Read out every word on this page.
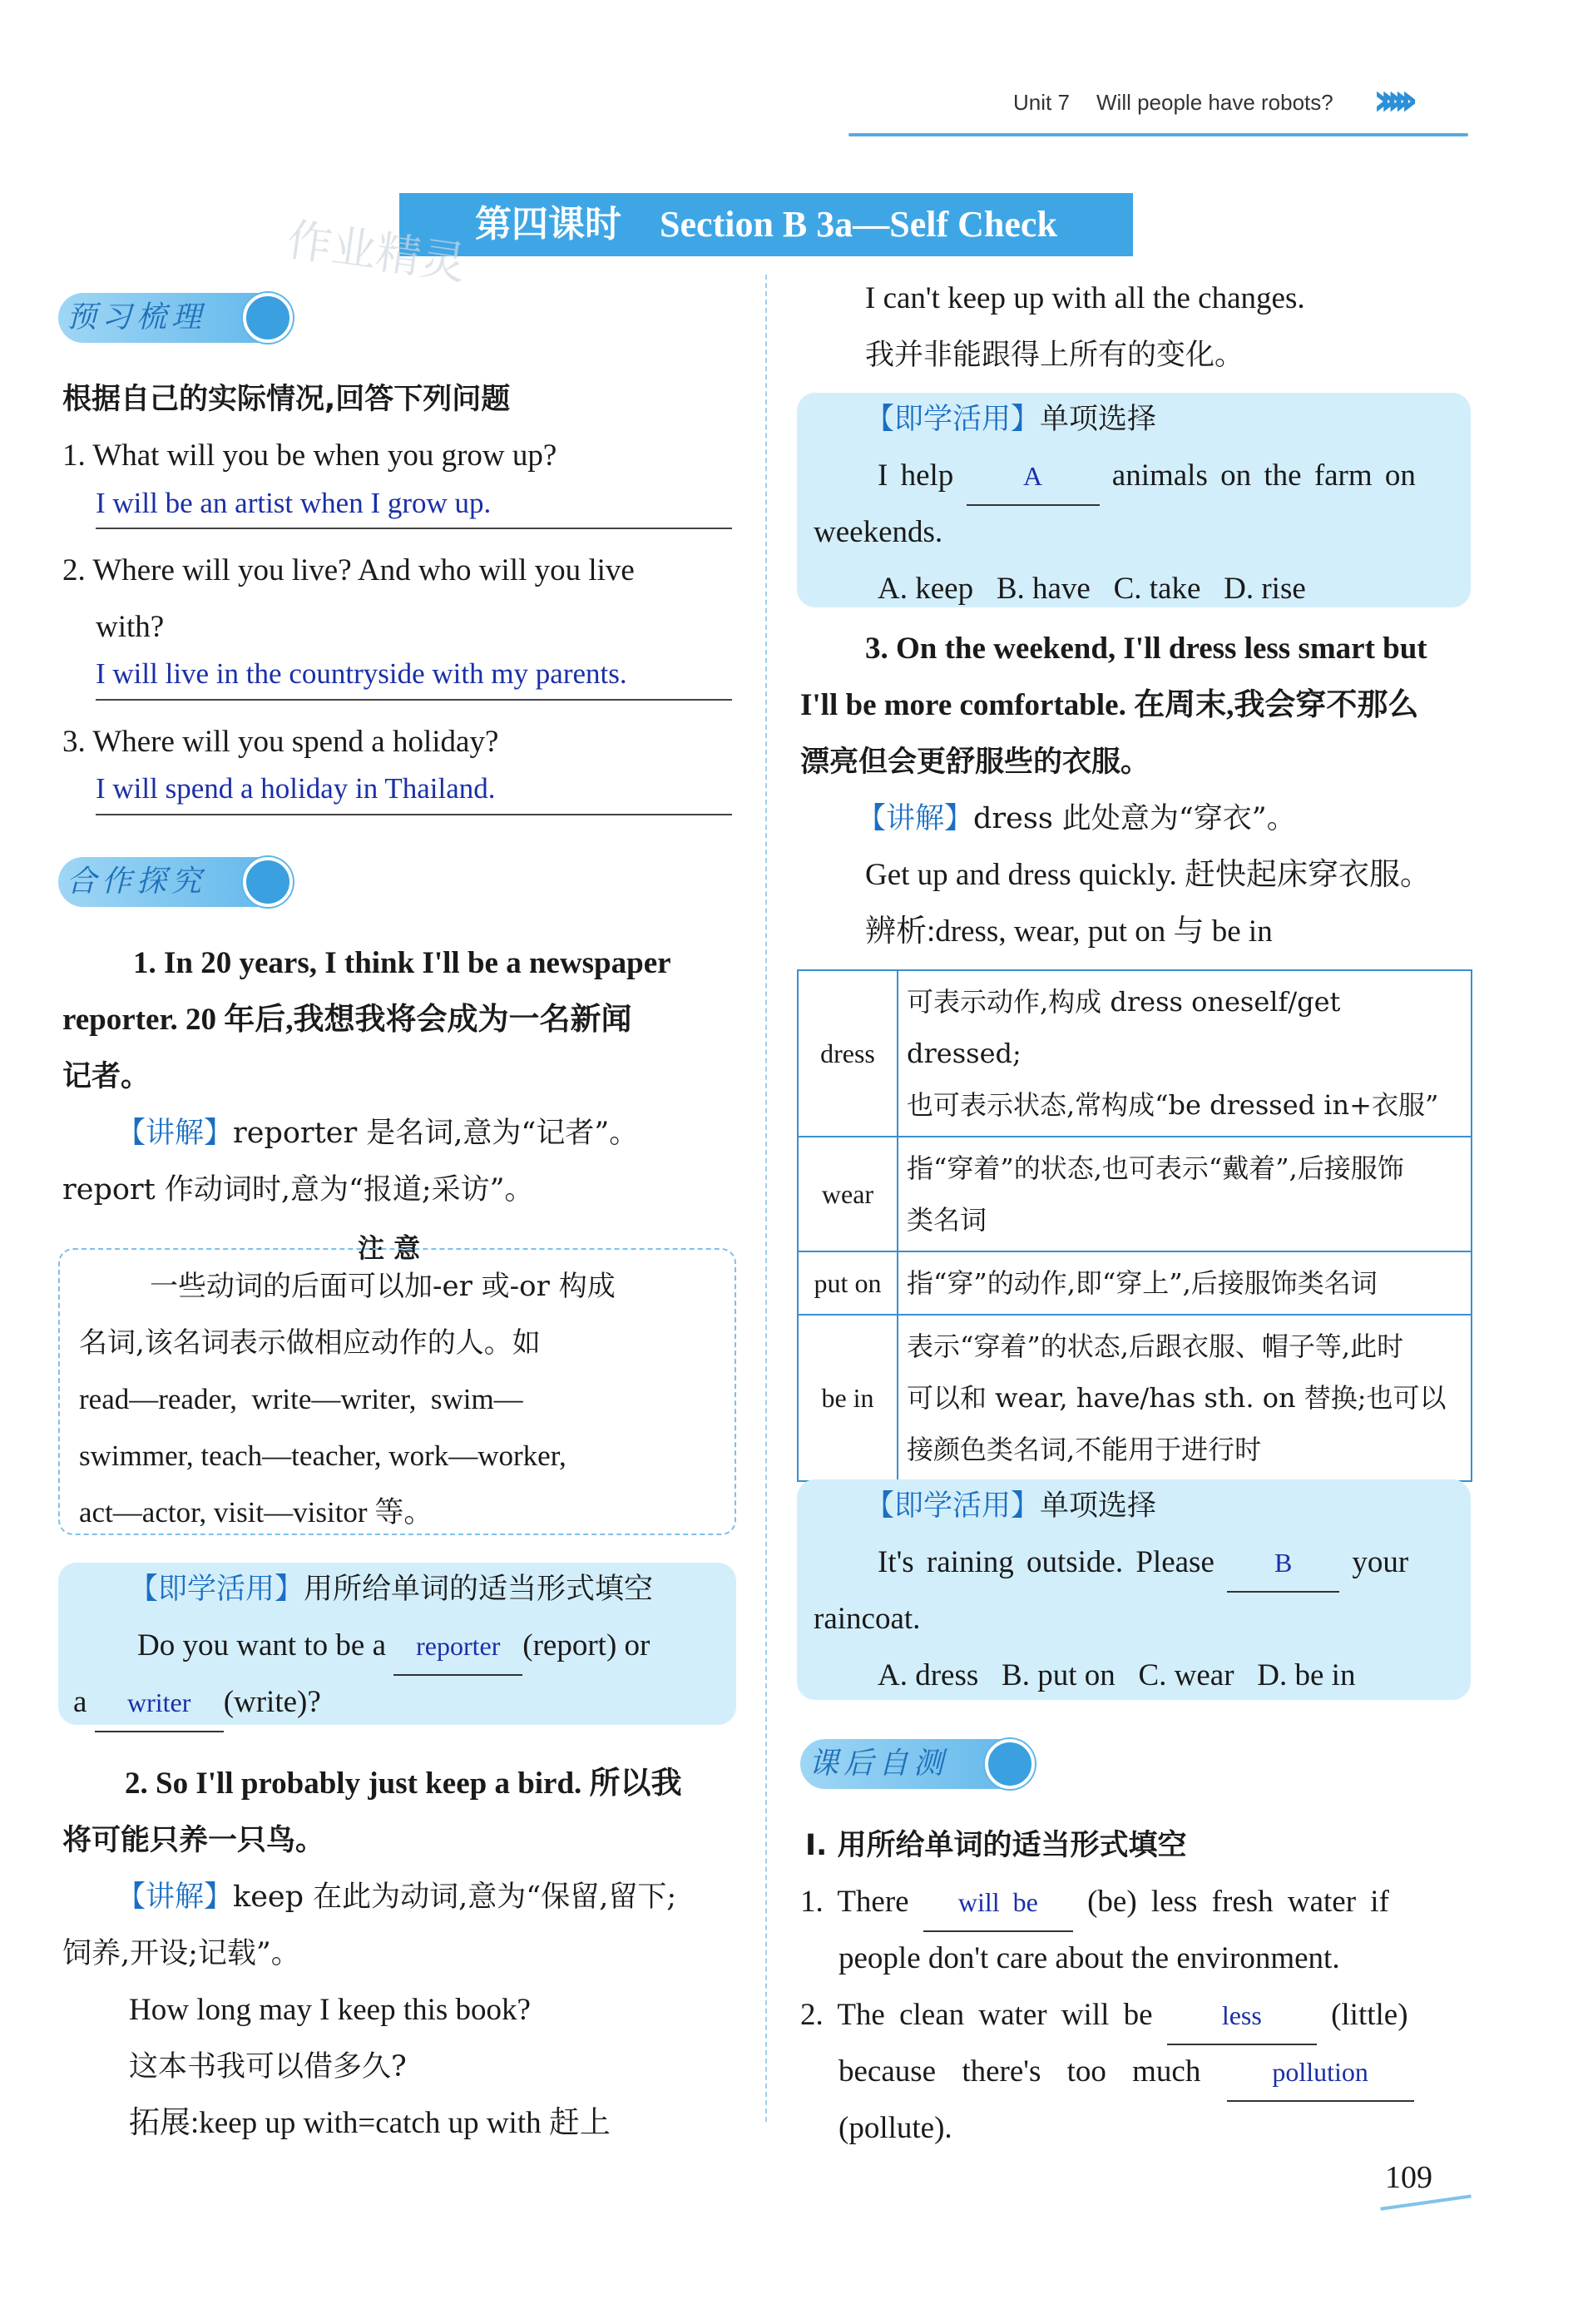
Unit 7 Will people have robots? ›››››
第四课时 Section B 3a—Self Check
作业精灵
预习梳理
根据自己的实际情况,回答下列问题
1. What will you be when you grow up?
I will be an artist when I grow up.
2. Where will you live? And who will you live
with?
I will live in the countryside with my parents.
3. Where will you spend a holiday?
I will spend a holiday in Thailand.
合作探究
1. In 20 years, I think I'll be a newspaper
reporter. 20 年后,我想我将会成为一名新闻
记者。
【讲解】reporter 是名词,意为“记者”。
report 作动词时,意为“报道;采访”。
注 意
一些动词的后面可以加-er 或-or 构成
名词,该名词表示做相应动作的人。如
read—reader,  write—writer,  swim—
swimmer, teach—teacher, work—worker,
act—actor, visit—visitor 等。
【即学活用】用所给单词的适当形式填空
Do you want to be a reporter (report) or
a writer (write)?
2. So I'll probably just keep a bird. 所以我
将可能只养一只鸟。
【讲解】keep 在此为动词,意为“保留,留下;
饲养,开设;记载”。
How long may I keep this book?
这本书我可以借多久?
拓展:keep up with=catch up with 赶上
I can't keep up with all the changes.
我并非能跟得上所有的变化。
【即学活用】单项选择
I help	A animals on the farm on
weekends.
A. keep   B. have   C. take   D. rise
3. On the weekend, I'll dress less smart but
I'll be more comfortable. 在周末,我会穿不那么
漂亮但会更舒服些的衣服。
【讲解】dress 此处意为“穿衣”。
Get up and dress quickly. 赶快起床穿衣服。
辨析:dress, wear, put on 与 be in
dress	可表示动作,构成 dress oneself/get dressed;
也可表示状态,常构成“be dressed in+衣服”

wear	指“穿着”的状态,也可表示“戴着”,后接服饰
类名词

put on	指“穿”的动作,即“穿上”,后接服饰类名词

be in	表示“穿着”的状态,后跟衣服、帽子等,此时
可以和 wear, have/has sth. on 替换;也可以
接颜色类名词,不能用于进行时
【即学活用】单项选择
It's raining outside. Please B your
raincoat.
A. dress   B. put on   C. wear   D. be in
课后自测
Ⅰ. 用所给单词的适当形式填空
1. There will be (be) less fresh water if
people don't care about the environment.
2. The clean water will be	less (little)
because there's too much	pollution
(pollute).
109
